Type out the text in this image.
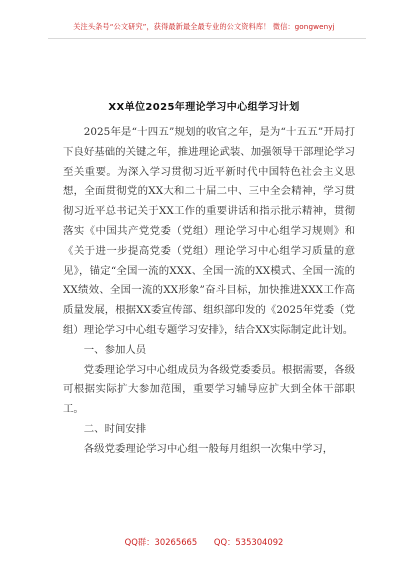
关注头条号“公文研究”，获得最新最全最专业的公文资料库！ 微信：gongwenyj
XX单位2025年理论学习中心组学习计划

2025年是“十四五”规划的收官之年，是为“十五五”开局打下良好基础的关键之年，推进理论武装、加强领导干部理论学习至关重要。为深入学习贯彻习近平新时代中国特色社会主义思想，全面贯彻党的XX大和二十届二中、三中全会精神，学习贯彻习近平总书记关于XX工作的重要讲话和指示批示精神，贯彻落实《中国共产党党委（党组）理论学习中心组学习规则》和《关于进一步提高党委（党组）理论学习中心组学习质量的意见》，锚定“全国一流的XXX、全国一流的XX模式、全国一流的XX绩效、全国一流的XX形象”奋斗目标，加快推进XXX工作高质量发展，根据XX委宣传部、组织部印发的《2025年党委（党组）理论学习中心组专题学习安排》，结合XX实际制定此计划。

一、参加人员

党委理论学习中心组成员为各级党委委员。根据需要，各级可根据实际扩大参加范围，重要学习辅导应扩大到全体干部职工。

二、时间安排

各级党委理论学习中心组一般每月组织一次集中学习，

QQ群：30265665 QQ：535304092
